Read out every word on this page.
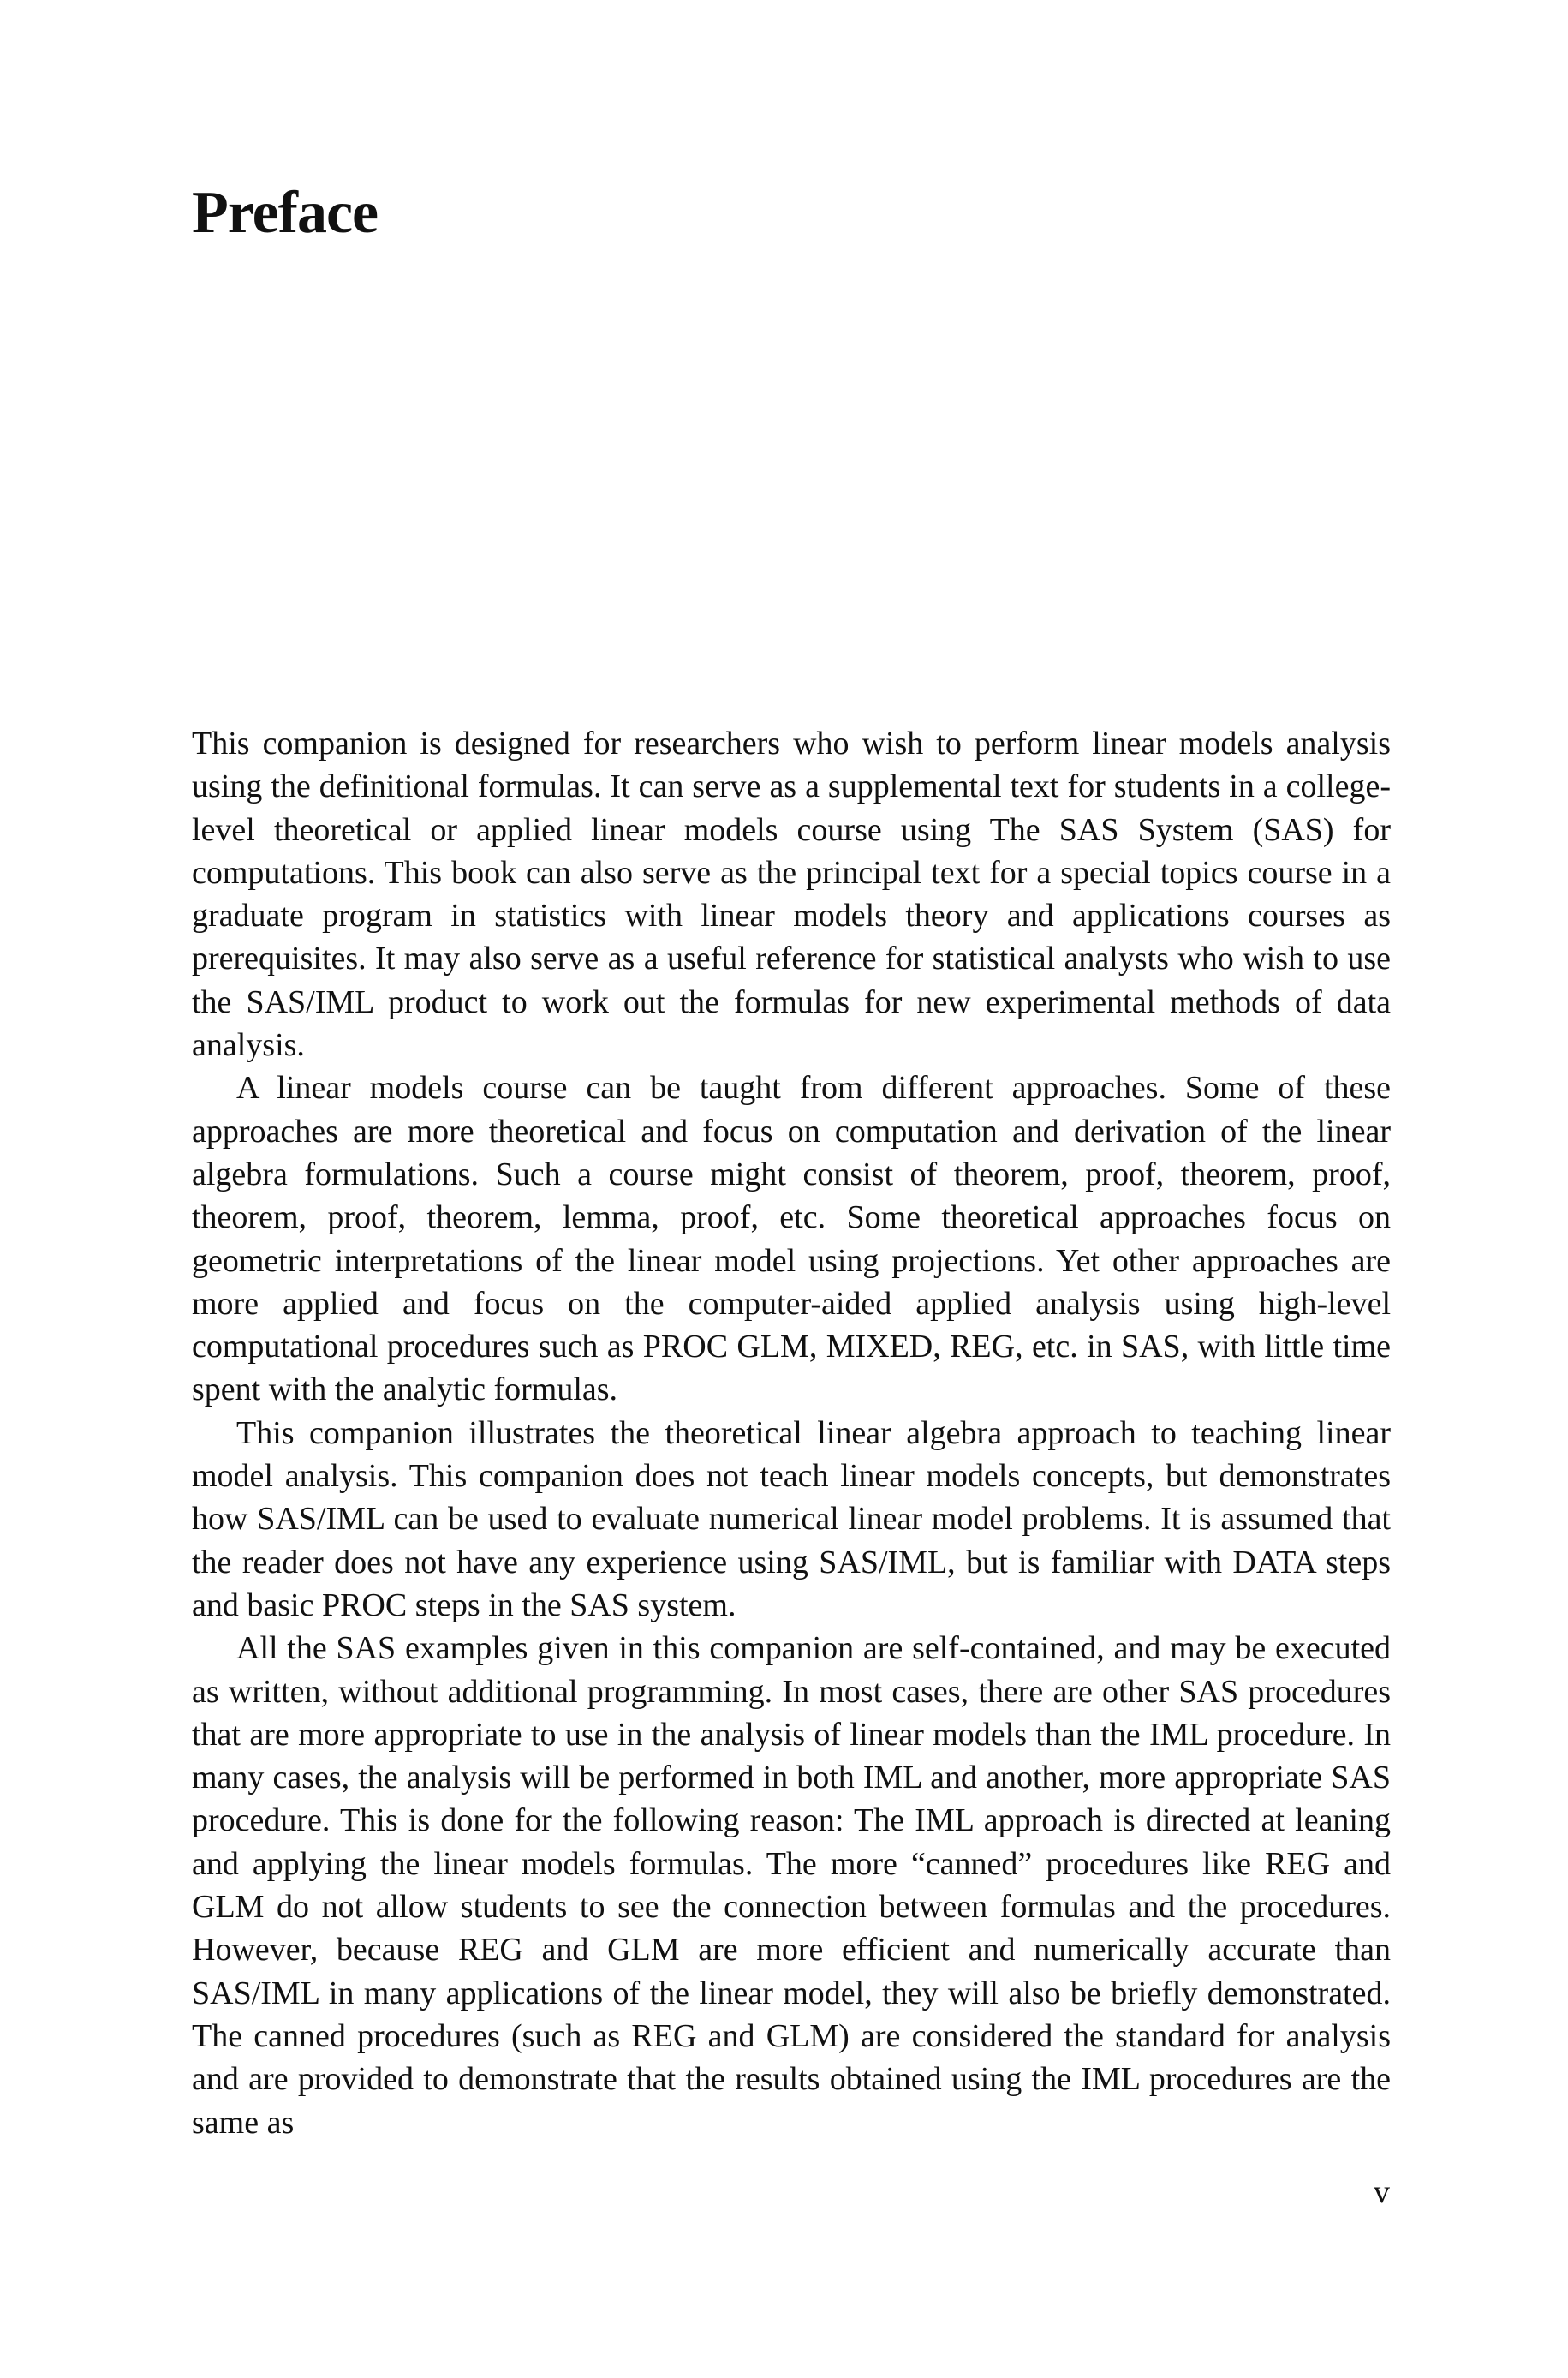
Preface

This companion is designed for researchers who wish to perform linear models analysis using the definitional formulas. It can serve as a supplemental text for students in a college-level theoretical or applied linear models course using The SAS System (SAS) for computations. This book can also serve as the principal text for a special topics course in a graduate program in statistics with linear models theory and applications courses as prerequisites. It may also serve as a useful reference for statistical analysts who wish to use the SAS/IML product to work out the formulas for new experimental methods of data analysis.

A linear models course can be taught from different approaches. Some of these approaches are more theoretical and focus on computation and derivation of the linear algebra formulations. Such a course might consist of theorem, proof, theorem, proof, theorem, proof, theorem, lemma, proof, etc. Some theoretical approaches focus on geometric interpretations of the linear model using projections. Yet other approaches are more applied and focus on the computer-aided applied analysis using high-level computational procedures such as PROC GLM, MIXED, REG, etc. in SAS, with little time spent with the analytic formulas.

This companion illustrates the theoretical linear algebra approach to teaching linear model analysis. This companion does not teach linear models concepts, but demonstrates how SAS/IML can be used to evaluate numerical linear model problems. It is assumed that the reader does not have any experience using SAS/IML, but is familiar with DATA steps and basic PROC steps in the SAS system.

All the SAS examples given in this companion are self-contained, and may be executed as written, without additional programming. In most cases, there are other SAS procedures that are more appropriate to use in the analysis of linear models than the IML procedure. In many cases, the analysis will be performed in both IML and another, more appropriate SAS procedure. This is done for the following reason: The IML approach is directed at leaning and applying the linear models formulas. The more “canned” procedures like REG and GLM do not allow students to see the connection between formulas and the procedures. However, because REG and GLM are more efficient and numerically accurate than SAS/IML in many applications of the linear model, they will also be briefly demonstrated. The canned procedures (such as REG and GLM) are considered the standard for analysis and are provided to demonstrate that the results obtained using the IML procedures are the same as

v
